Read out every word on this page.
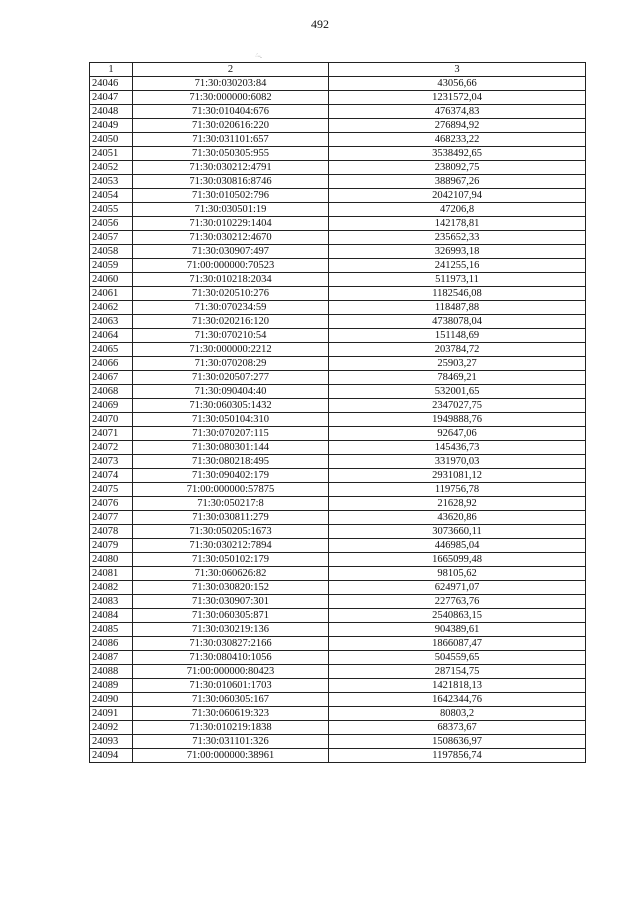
492
·´···..
1	2	3
24046	71:30:030203:84	43056,66
24047	71:30:000000:6082	1231572,04
24048	71:30:010404:676	476374,83
24049	71:30:020616:220	276894,92
24050	71:30:031101:657	468233,22
24051	71:30:050305:955	3538492,65
24052	71:30:030212:4791	238092,75
24053	71:30:030816:8746	388967,26
24054	71:30:010502:796	2042107,94
24055	71:30:030501:19	47206,8
24056	71:30:010229:1404	142178,81
24057	71:30:030212:4670	235652,33
24058	71:30:030907:497	326993,18
24059	71:00:000000:70523	241255,16
24060	71:30:010218:2034	511973,11
24061	71:30:020510:276	1182546,08
24062	71:30:070234:59	118487,88
24063	71:30:020216:120	4738078,04
24064	71:30:070210:54	151148,69
24065	71:30:000000:2212	203784,72
24066	71:30:070208:29	25903,27
24067	71:30:020507:277	78469,21
24068	71:30:090404:40	532001,65
24069	71:30:060305:1432	2347027,75
24070	71:30:050104:310	1949888,76
24071	71:30:070207:115	92647,06
24072	71:30:080301:144	145436,73
24073	71:30:080218:495	331970,03
24074	71:30:090402:179	2931081,12
24075	71:00:000000:57875	119756,78
24076	71:30:050217:8	21628,92
24077	71:30:030811:279	43620,86
24078	71:30:050205:1673	3073660,11
24079	71:30:030212:7894	446985,04
24080	71:30:050102:179	1665099,48
24081	71:30:060626:82	98105,62
24082	71:30:030820:152	624971,07
24083	71:30:030907:301	227763,76
24084	71:30:060305:871	2540863,15
24085	71:30:030219:136	904389,61
24086	71:30:030827:2166	1866087,47
24087	71:30:080410:1056	504559,65
24088	71:00:000000:80423	287154,75
24089	71:30:010601:1703	1421818,13
24090	71:30:060305:167	1642344,76
24091	71:30:060619:323	80803,2
24092	71:30:010219:1838	68373,67
24093	71:30:031101:326	1508636,97
24094	71:00:000000:38961	1197856,74
